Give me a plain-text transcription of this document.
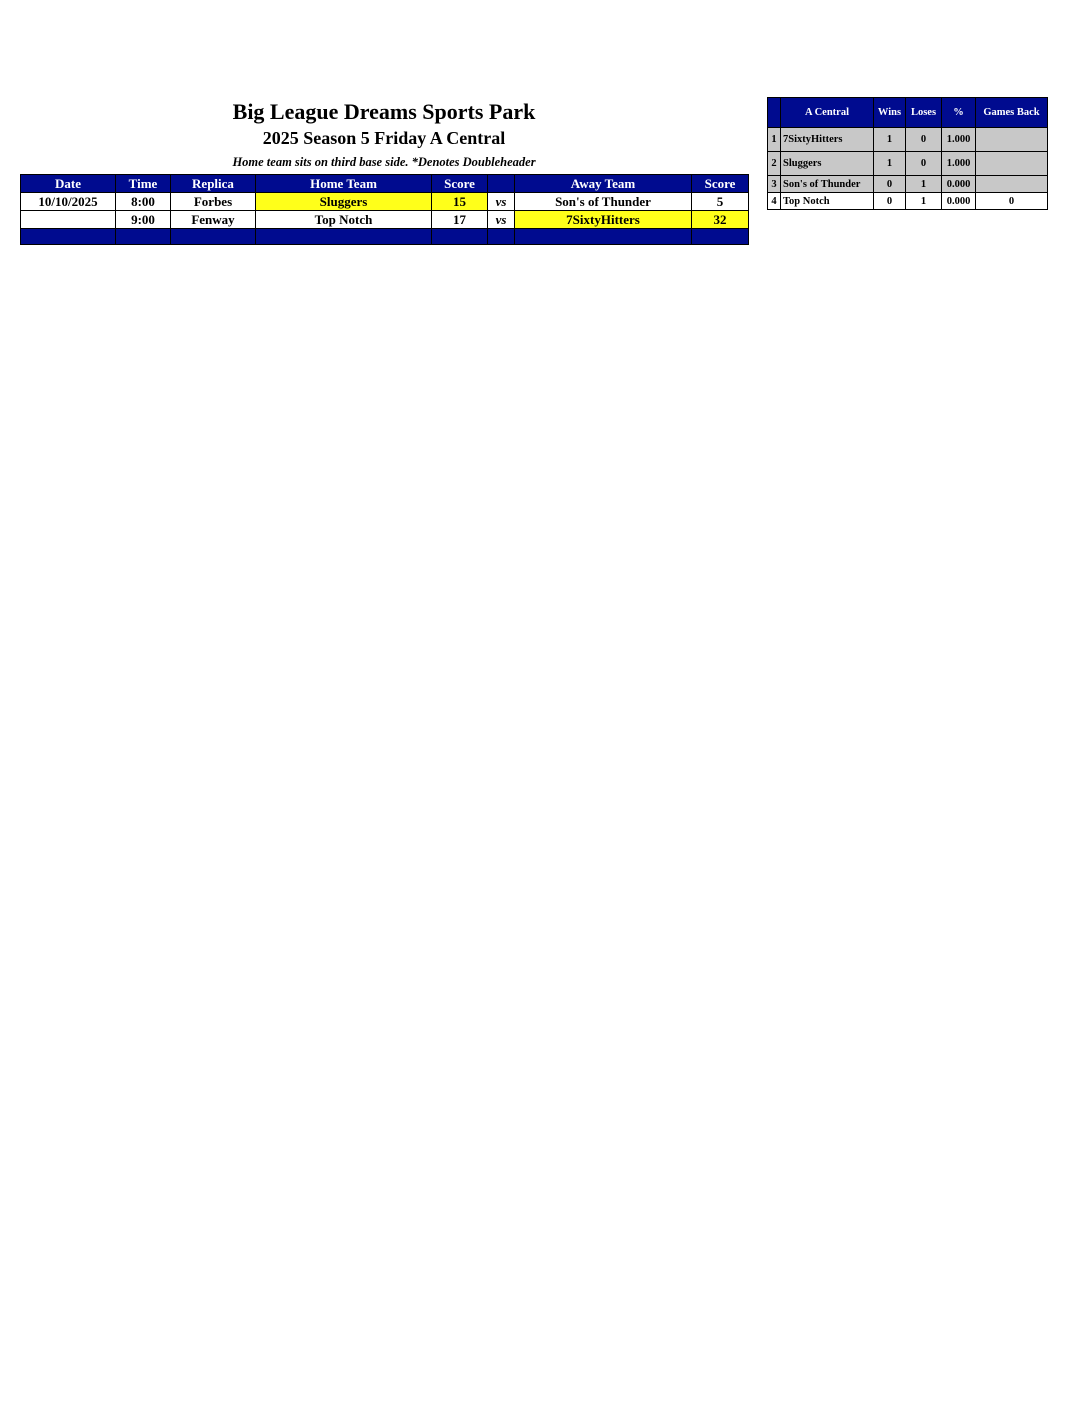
Big League Dreams Sports Park
2025 Season 5 Friday A Central
Home team sits on third base side. *Denotes Doubleheader
Date	Time	Replica	Home Team	Score		Away Team	Score
10/10/2025	8:00	Forbes	Sluggers	15	vs	Son's of Thunder	5
	9:00	Fenway	Top Notch	17	vs	7SixtyHitters	32

	A Central	Wins	Loses	%	Games Back
1	7SixtyHitters	1	0	1.000	
2	Sluggers	1	0	1.000	
3	Son's of Thunder	0	1	0.000	
4	Top Notch	0	1	0.000	0
